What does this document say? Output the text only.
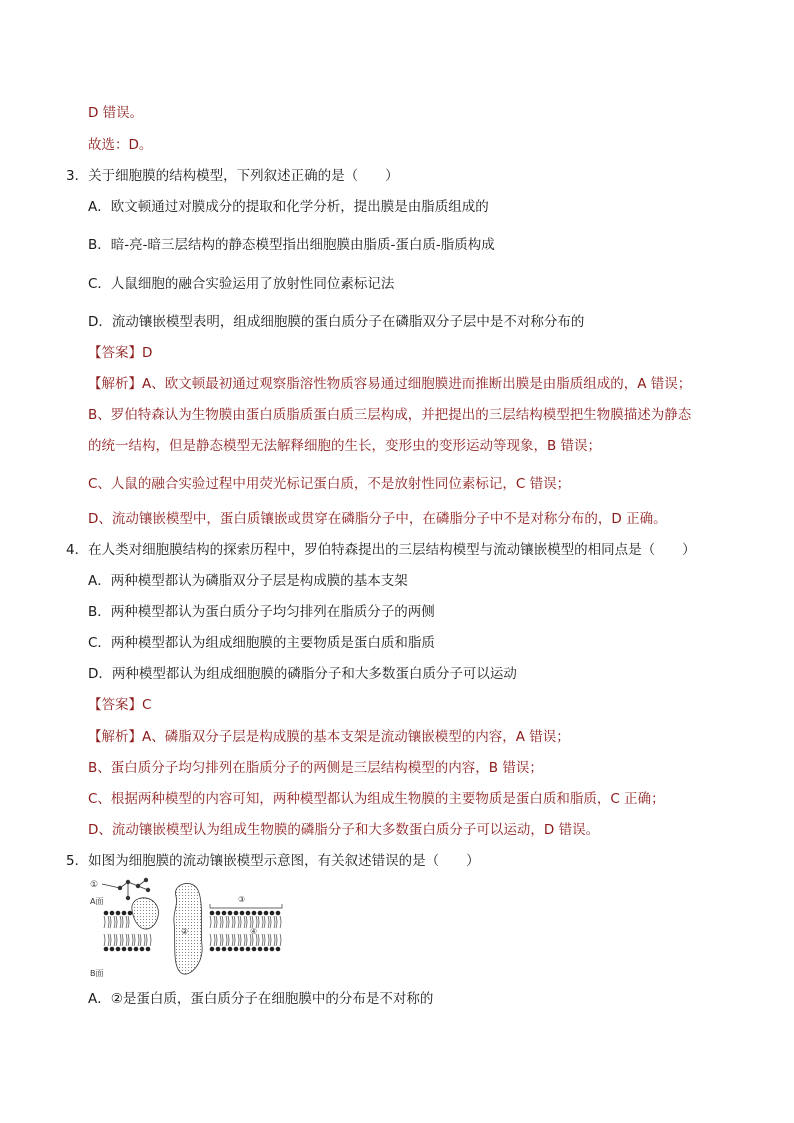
D 错误。
故选：D。
3．关于细胞膜的结构模型，下列叙述正确的是（　　）
A．欧文顿通过对膜成分的提取和化学分析，提出膜是由脂质组成的
B．暗-亮-暗三层结构的静态模型指出细胞膜由脂质-蛋白质-脂质构成
C．人鼠细胞的融合实验运用了放射性同位素标记法
D．流动镶嵌模型表明，组成细胞膜的蛋白质分子在磷脂双分子层中是不对称分布的
【答案】D
【解析】A、欧文顿最初通过观察脂溶性物质容易通过细胞膜进而推断出膜是由脂质组成的，A 错误；
B、罗伯特森认为生物膜由蛋白质脂质蛋白质三层构成，并把提出的三层结构模型把生物膜描述为静态
的统一结构，但是静态模型无法解释细胞的生长，变形虫的变形运动等现象，B 错误；
C、人鼠的融合实验过程中用荧光标记蛋白质，不是放射性同位素标记，C 错误；
D、流动镶嵌模型中，蛋白质镶嵌或贯穿在磷脂分子中，在磷脂分子中不是对称分布的，D 正确。
4．在人类对细胞膜结构的探索历程中，罗伯特森提出的三层结构模型与流动镶嵌模型的相同点是（　　）
A．两种模型都认为磷脂双分子层是构成膜的基本支架
B．两种模型都认为蛋白质分子均匀排列在脂质分子的两侧
C．两种模型都认为组成细胞膜的主要物质是蛋白质和脂质
D．两种模型都认为组成细胞膜的磷脂分子和大多数蛋白质分子可以运动
【答案】C
【解析】A、磷脂双分子层是构成膜的基本支架是流动镶嵌模型的内容，A 错误；
B、蛋白质分子均匀排列在脂质分子的两侧是三层结构模型的内容，B 错误；
C、根据两种模型的内容可知，两种模型都认为组成生物膜的主要物质是蛋白质和脂质，C 正确；
D、流动镶嵌模型认为组成生物膜的磷脂分子和大多数蛋白质分子可以运动，D 错误。
5．如图为细胞膜的流动镶嵌模型示意图，有关叙述错误的是（　　）
①
A面
B面
②
③
④
A．②是蛋白质，蛋白质分子在细胞膜中的分布是不对称的
